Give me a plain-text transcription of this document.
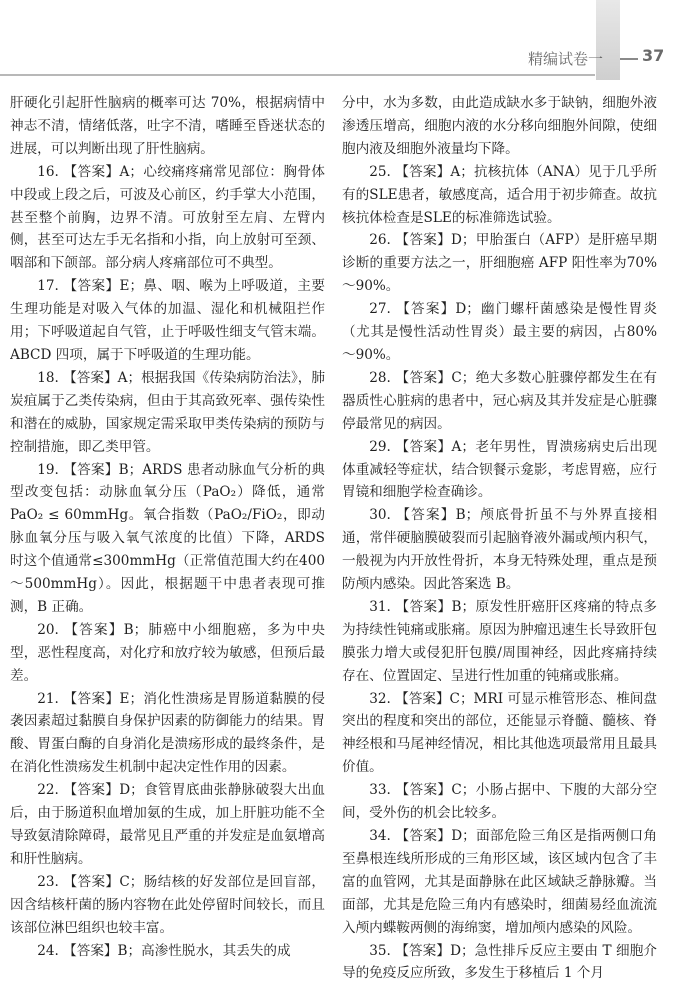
精编试卷一 37

肝硬化引起肝性脑病的概率可达 70%，根据病情中神志不清，情绪低落，吐字不清，嗜睡至昏迷状态的进展，可以判断出现了肝性脑病。

16. 【答案】A；心绞痛疼痛常见部位：胸骨体中段或上段之后，可波及心前区，约手掌大小范围，甚至整个前胸，边界不清。可放射至左肩、左臂内侧，甚至可达左手无名指和小指，向上放射可至颈、咽部和下颌部。部分病人疼痛部位可不典型。

17. 【答案】E；鼻、咽、喉为上呼吸道，主要生理功能是对吸入气体的加温、湿化和机械阻拦作用；下呼吸道起自气管，止于呼吸性细支气管末端。ABCD 四项，属于下呼吸道的生理功能。

18. 【答案】A；根据我国《传染病防治法》，肺炭疽属于乙类传染病，但由于其高致死率、强传染性和潜在的威胁，国家规定需采取甲类传染病的预防与控制措施，即乙类甲管。

19. 【答案】B；ARDS 患者动脉血气分析的典型改变包括：动脉血氧分压（PaO₂）降低，通常 PaO₂ ≤ 60mmHg。氧合指数（PaO₂/FiO₂，即动脉血氧分压与吸入氧气浓度的比值）下降，ARDS 时这个值通常≤300mmHg（正常值范围大约在400～500mmHg）。因此，根据题干中患者表现可推测，B 正确。

20. 【答案】B；肺癌中小细胞癌，多为中央型，恶性程度高，对化疗和放疗较为敏感，但预后最差。

21. 【答案】E；消化性溃疡是胃肠道黏膜的侵袭因素超过黏膜自身保护因素的防御能力的结果。胃酸、胃蛋白酶的自身消化是溃疡形成的最终条件，是在消化性溃疡发生机制中起决定性作用的因素。

22. 【答案】D；食管胃底曲张静脉破裂大出血后，由于肠道积血增加氨的生成，加上肝脏功能不全导致氨清除障碍，最常见且严重的并发症是血氨增高和肝性脑病。

23. 【答案】C；肠结核的好发部位是回盲部，因含结核杆菌的肠内容物在此处停留时间较长，而且该部位淋巴组织也较丰富。

24. 【答案】B；高渗性脱水，其丢失的成

分中，水为多数，由此造成缺水多于缺钠，细胞外液渗透压增高，细胞内液的水分移向细胞外间隙，使细胞内液及细胞外液量均下降。

25. 【答案】A；抗核抗体（ANA）见于几乎所有的SLE患者，敏感度高，适合用于初步筛查。故抗核抗体检查是SLE的标准筛选试验。

26. 【答案】D；甲胎蛋白（AFP）是肝癌早期诊断的重要方法之一，肝细胞癌 AFP 阳性率为70%～90%。

27. 【答案】D；幽门螺杆菌感染是慢性胃炎（尤其是慢性活动性胃炎）最主要的病因，占80%～90%。

28. 【答案】C；绝大多数心脏骤停都发生在有器质性心脏病的患者中，冠心病及其并发症是心脏骤停最常见的病因。

29. 【答案】A；老年男性，胃溃疡病史后出现体重减轻等症状，结合钡餐示龛影，考虑胃癌，应行胃镜和细胞学检查确诊。

30. 【答案】B；颅底骨折虽不与外界直接相通，常伴硬脑膜破裂而引起脑脊液外漏或颅内积气，一般视为内开放性骨折，本身无特殊处理，重点是预防颅内感染。因此答案选 B。

31. 【答案】B；原发性肝癌肝区疼痛的特点多为持续性钝痛或胀痛。原因为肿瘤迅速生长导致肝包膜张力增大或侵犯肝包膜/周围神经，因此疼痛持续存在、位置固定、呈进行性加重的钝痛或胀痛。

32. 【答案】C；MRI 可显示椎管形态、椎间盘突出的程度和突出的部位，还能显示脊髓、髓核、脊神经根和马尾神经情况，相比其他选项最常用且最具价值。

33. 【答案】C；小肠占据中、下腹的大部分空间，受外伤的机会比较多。

34. 【答案】D；面部危险三角区是指两侧口角至鼻根连线所形成的三角形区域，该区域内包含了丰富的血管网，尤其是面静脉在此区域缺乏静脉瓣。当面部，尤其是危险三角内有感染时，细菌易经血流流入颅内蝶鞍两侧的海绵窦，增加颅内感染的风险。

35. 【答案】D；急性排斥反应主要由 T 细胞介导的免疫反应所致，多发生于移植后 1 个月
